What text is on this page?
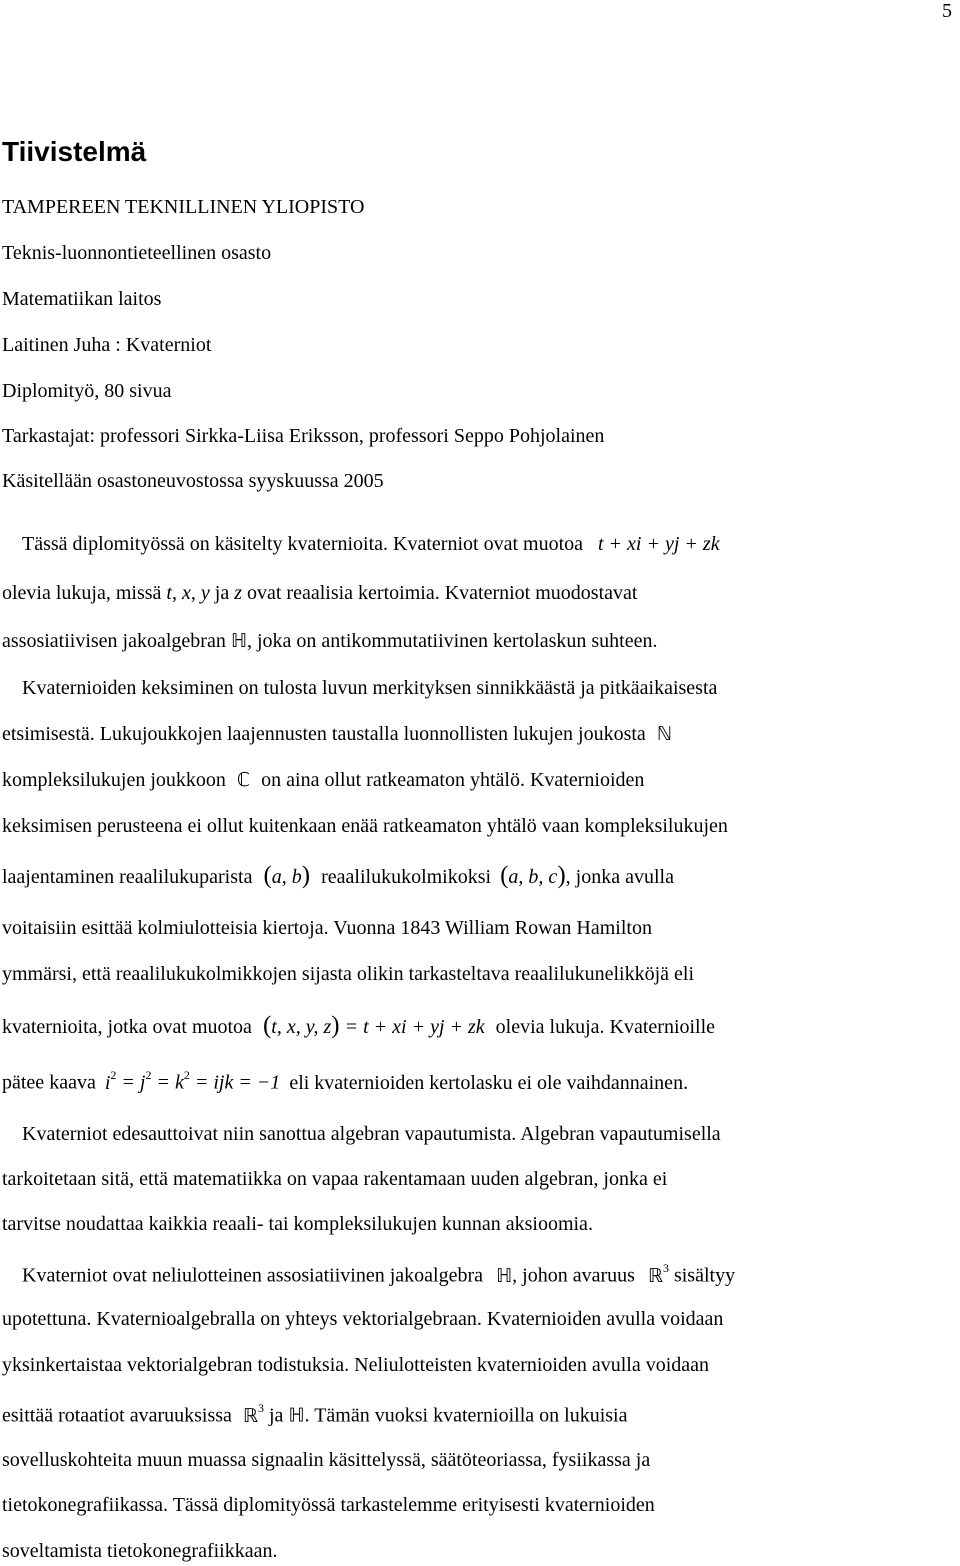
5
Tiivistelmä
TAMPEREEN TEKNILLINEN YLIOPISTO
Teknis-luonnontieteellinen osasto
Matematiikan laitos
Laitinen Juha : Kvaterniot
Diplomityö, 80 sivua
Tarkastajat: professori Sirkka-Liisa Eriksson, professori Seppo Pohjolainen
Käsitellään osastoneuvostossa syyskuussa 2005
Tässä diplomityössä on käsitelty kvaternioita. Kvaterniot ovat muotoa t + xi + yj + zk
olevia lukuja, missä t, x, y ja z ovat reaalisia kertoimia. Kvaterniot muodostavat
assosiatiivisen jakoalgebran ℍ, joka on antikommutatiivinen kertolaskun suhteen.
Kvaternioiden keksiminen on tulosta luvun merkityksen sinnikkäästä ja pitkäaikaisesta
etsimisestä. Lukujoukkojen laajennusten taustalla luonnollisten lukujen joukosta ℕ
kompleksilukujen joukkoon ℂ on aina ollut ratkeamaton yhtälö. Kvaternioiden
keksimisen perusteena ei ollut kuitenkaan enää ratkeamaton yhtälö vaan kompleksilukujen
laajentaminen reaalilukuparista (a, b) reaalilukukolmikoksi (a, b, c), jonka avulla
voitaisiin esittää kolmiulotteisia kiertoja. Vuonna 1843 William Rowan Hamilton
ymmärsi, että reaalilukukolmikkojen sijasta olikin tarkasteltava reaalilukunelikköjä eli
kvaternioita, jotka ovat muotoa (t, x, y, z) = t + xi + yj + zk olevia lukuja. Kvaternioille
pätee kaava $i^2 = j^2 = k^2$ = ijk = −1 eli kvaternioiden kertolasku ei ole vaihdannainen.
Kvaterniot edesauttoivat niin sanottua algebran vapautumista. Algebran vapautumisella
tarkoitetaan sitä, että matematiikka on vapaa rakentamaan uuden algebran, jonka ei
tarvitse noudattaa kaikkia reaali- tai kompleksilukujen kunnan aksioomia.
Kvaterniot ovat neliulotteinen assosiatiivinen jakoalgebra ℍ, johon avaruus ℝ$^3$ sisältyy
upotettuna. Kvaternioalgebralla on yhteys vektorialgebraan. Kvaternioiden avulla voidaan
yksinkertaistaa vektorialgebran todistuksia. Neliulotteisten kvaternioiden avulla voidaan
esittää rotaatiot avaruuksissa ℝ$^3$ ja ℍ. Tämän vuoksi kvaternioilla on lukuisia
sovelluskohteita muun muassa signaalin käsittelyssä, säätöteoriassa, fysiikassa ja
tietokonegrafiikassa. Tässä diplomityössä tarkastelemme erityisesti kvaternioiden
soveltamista tietokonegrafiikkaan.
